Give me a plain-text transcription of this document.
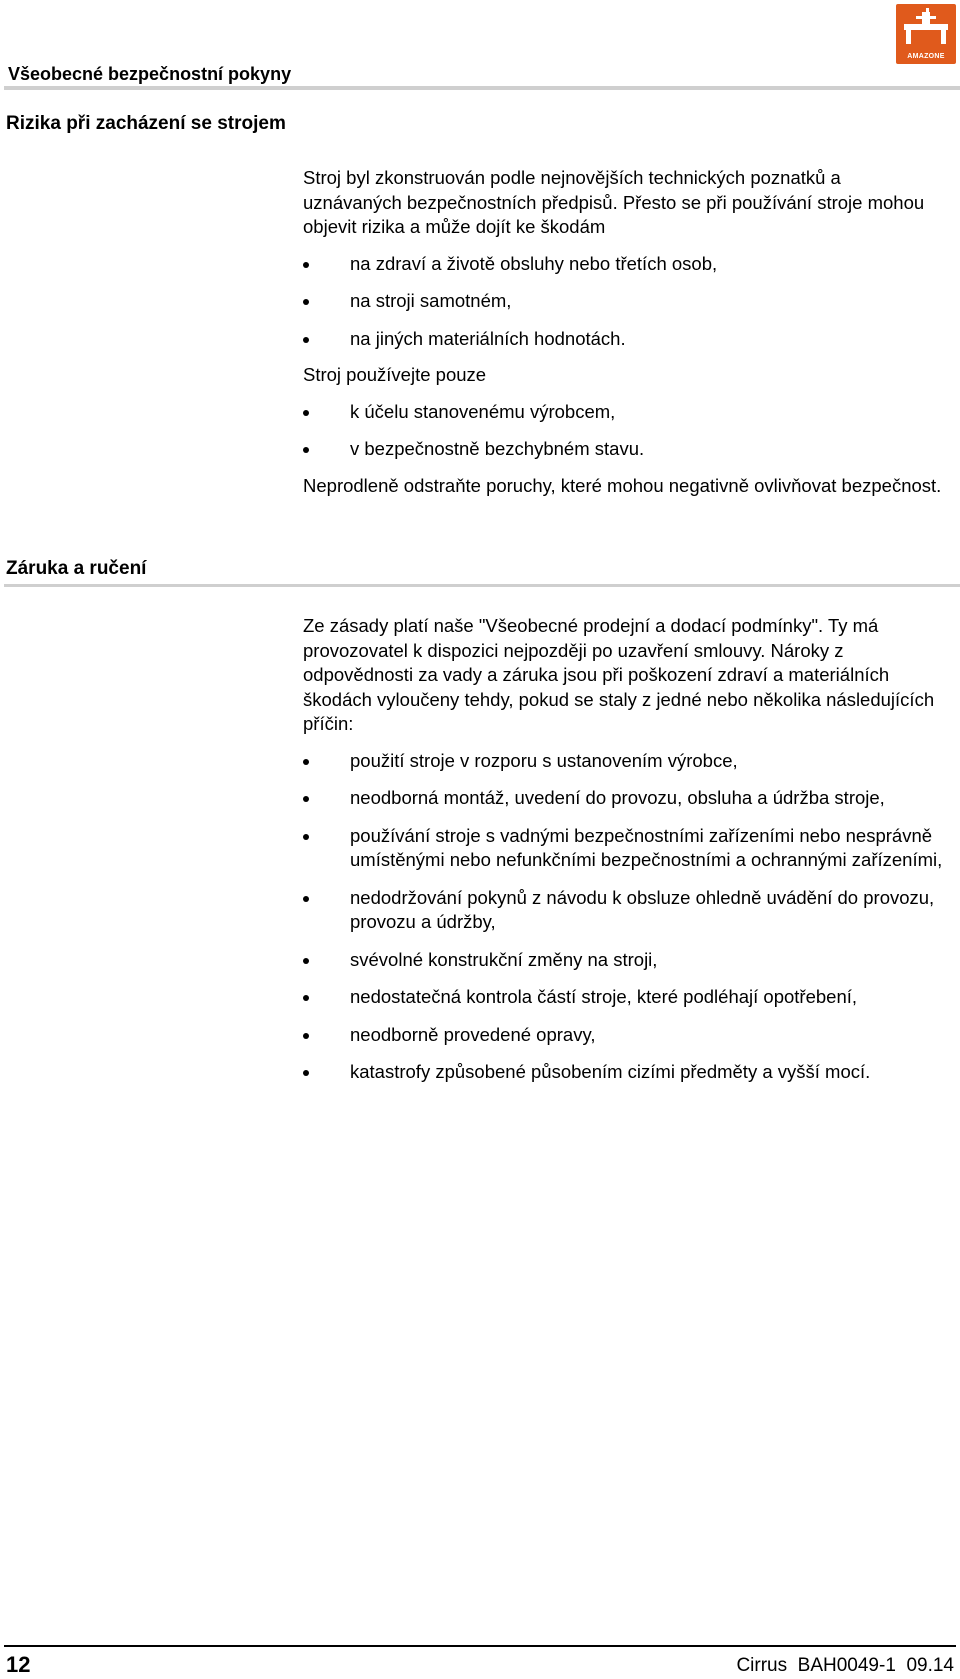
AMAZONE
Všeobecné bezpečnostní pokyny
Rizika při zacházení se strojem

Stroj byl zkonstruován podle nejnovějších technických poznatků a uznávaných bezpečnostních předpisů. Přesto se při používání stroje mohou objevit rizika a může dojít ke škodám

na zdraví a životě obsluhy nebo třetích osob,
na stroji samotném,
na jiných materiálních hodnotách.

Stroj používejte pouze

k účelu stanovenému výrobcem,
v bezpečnostně bezchybném stavu.

Neprodleně odstraňte poruchy, které mohou negativně ovlivňovat bezpečnost.

Záruka a ručení

Ze zásady platí naše "Všeobecné prodejní a dodací podmínky". Ty má provozovatel k dispozici nejpozději po uzavření smlouvy. Nároky z odpovědnosti za vady a záruka jsou při poškození zdraví a materiálních škodách vyloučeny tehdy, pokud se staly z jedné nebo několika následujících příčin:

použití stroje v rozporu s ustanovením výrobce,
neodborná montáž, uvedení do provozu, obsluha a údržba stroje,
používání stroje s vadnými bezpečnostními zařízeními nebo nesprávně umístěnými nebo nefunkčními bezpečnostními a ochrannými zařízeními,
nedodržování pokynů z návodu k obsluze ohledně uvádění do provozu, provozu a údržby,
svévolné konstrukční změny na stroji,
nedostatečná kontrola částí stroje, které podléhají opotřebení,
neodborně provedené opravy,
katastrofy způsobené působením cizími předměty a vyšší mocí.
12	Cirrus  BAH0049-1  09.14
